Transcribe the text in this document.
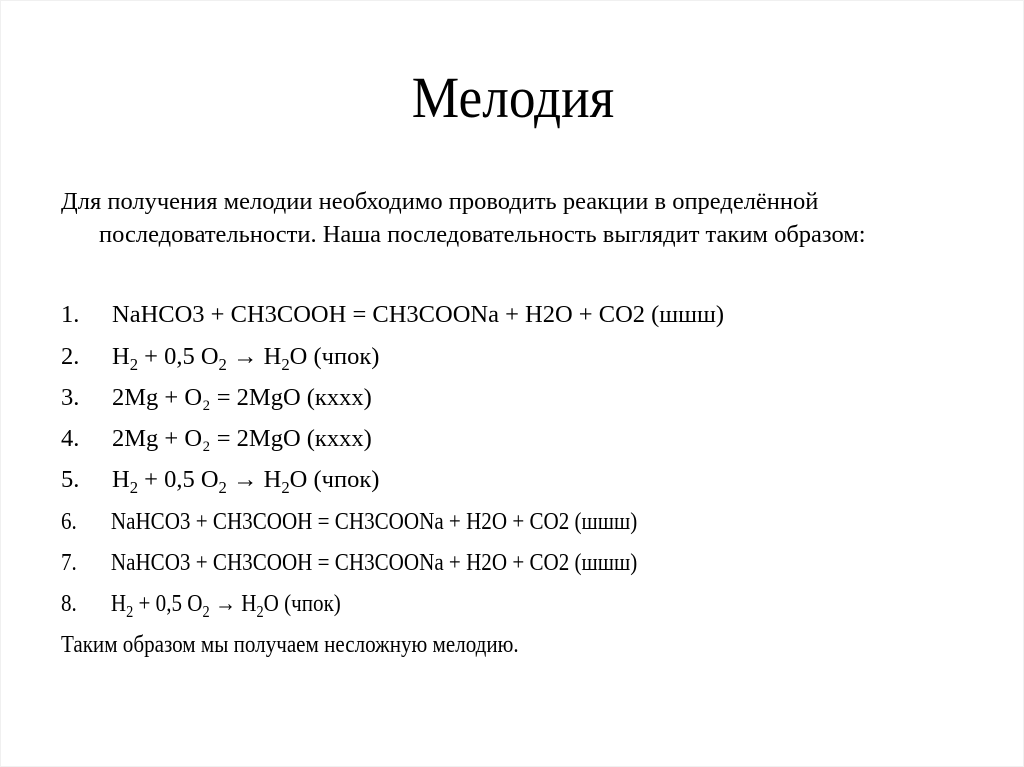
Мелодия

Для получения мелодии необходимо проводить реакции в определённой последовательности. Наша последовательность выглядит таким образом:

1. NaHCO3 + CH3COOH = CH3COONa + H2O + CO2 (шшш)
2. $H_2 + 0,5$ $O_2 \to H_2O$ (чпок)
3. 2Mg + O₂ = 2MgO (кххх)
4. 2Mg + O₂ = 2MgO (кххх)
5. $H_2 + 0,5$ $O_2 \to H_2O$ (чпок)
6. NaHCO3 + CH3COOH = CH3COONa + H2O + CO2 (шшш)
7. NaHCO3 + CH3COOH = CH3COONa + H2O + CO2 (шшш)
8. $H_2 + 0,5$ $O_2 \to H_2O$ (чпок)
Таким образом мы получаем несложную мелодию.
